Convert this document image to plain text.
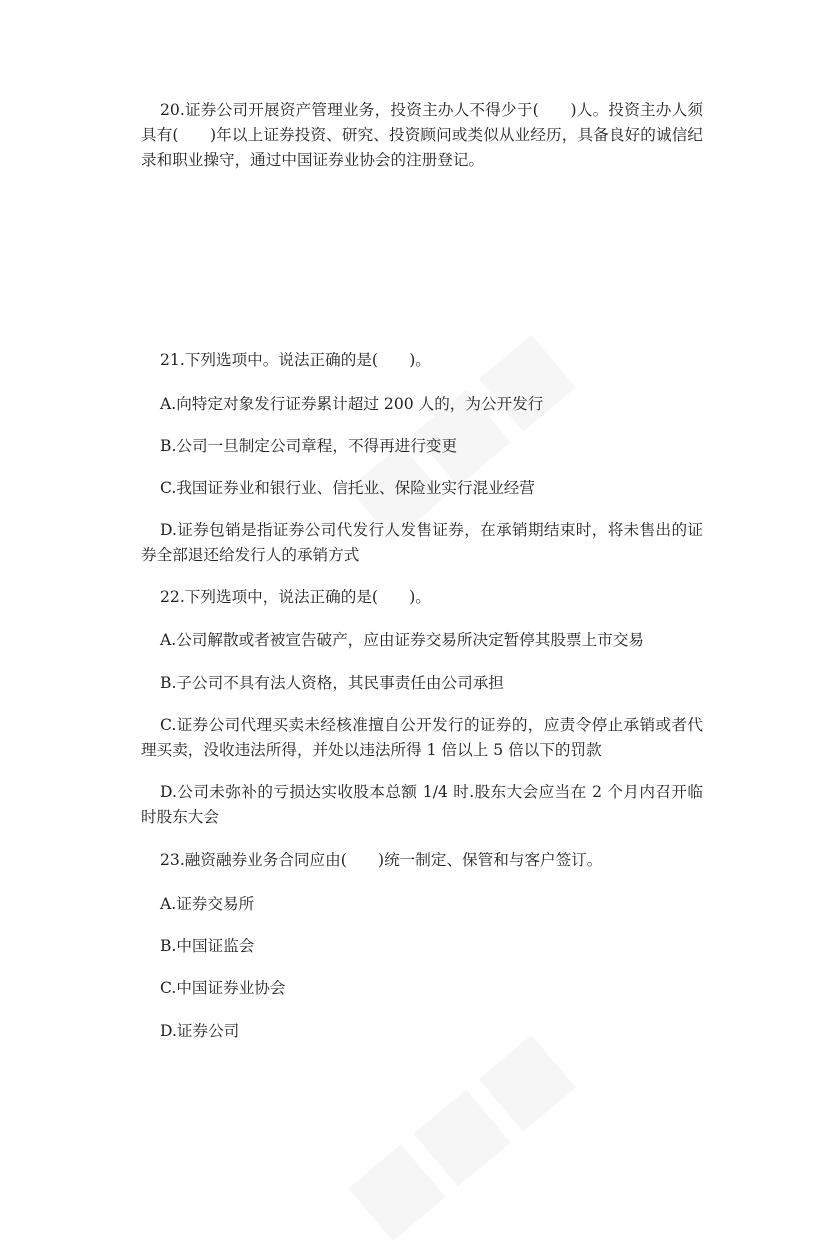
20.证券公司开展资产管理业务，投资主办人不得少于(　　)人。投资主办人须具有(　　)年以上证券投资、研究、投资顾问或类似从业经历，具备良好的诚信纪录和职业操守，通过中国证券业协会的注册登记。

21.下列选项中。说法正确的是(　　)。

A.向特定对象发行证券累计超过 200 人的，为公开发行

B.公司一旦制定公司章程，不得再进行变更

C.我国证券业和银行业、信托业、保险业实行混业经营

D.证券包销是指证券公司代发行人发售证券，在承销期结束时，将未售出的证券全部退还给发行人的承销方式

22.下列选项中，说法正确的是(　　)。

A.公司解散或者被宣告破产，应由证券交易所决定暂停其股票上市交易

B.子公司不具有法人资格，其民事责任由公司承担

C.证券公司代理买卖未经核准擅自公开发行的证券的，应责令停止承销或者代理买卖，没收违法所得，并处以违法所得 1 倍以上 5 倍以下的罚款

D.公司未弥补的亏损达实收股本总额 1/4 时.股东大会应当在 2 个月内召开临时股东大会

23.融资融券业务合同应由(　　)统一制定、保管和与客户签订。

A.证券交易所

B.中国证监会

C.中国证券业协会

D.证券公司
